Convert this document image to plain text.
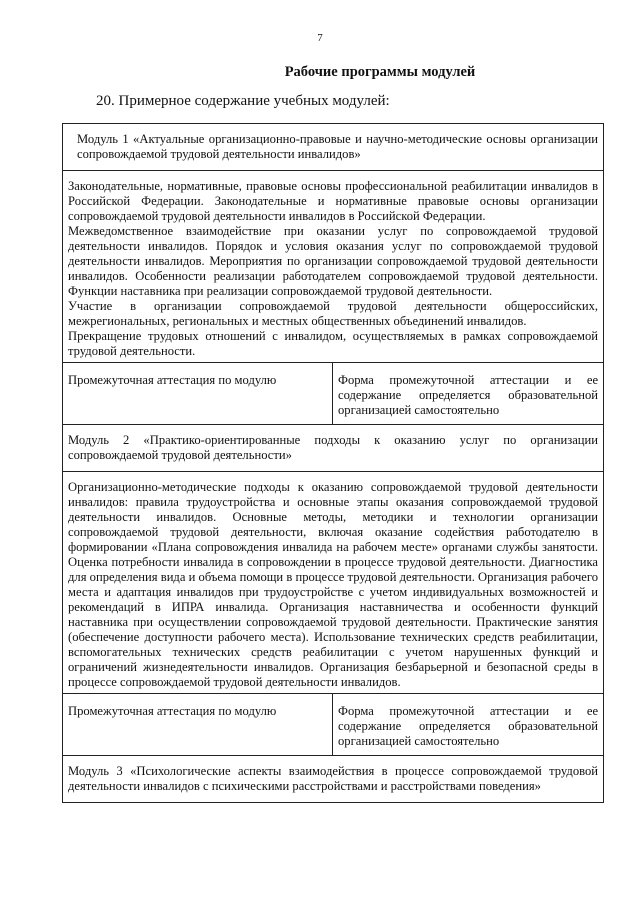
7
Рабочие программы модулей
20. Примерное содержание учебных модулей:
Модуль 1 «Актуальные организационно-правовые и научно-методические основы организации сопровождаемой трудовой деятельности инвалидов»	

Законодательные, нормативные, правовые основы профессиональной реабилитации инвалидов в Российской Федерации. Законодательные и нормативные правовые основы организации сопровождаемой трудовой деятельности инвалидов в Российской Федерации.

Межведомственное взаимодействие при оказании услуг по сопровождаемой трудовой деятельности инвалидов. Порядок и условия оказания услуг по сопровождаемой трудовой деятельности инвалидов. Мероприятия по организации сопровождаемой трудовой деятельности инвалидов. Особенности реализации работодателем сопровождаемой трудовой деятельности. Функции наставника при реализации сопровождаемой трудовой деятельности.

Участие в организации сопровождаемой трудовой деятельности общероссийских, межрегиональных, региональных и местных общественных объединений инвалидов.

Прекращение трудовых отношений с инвалидом, осуществляемых в рамках сопровождаемой трудовой деятельности.	

Промежуточная аттестация по модулю	Форма промежуточной аттестации и ее содержание определяется образовательной организацией самостоятельно
Модуль 2 «Практико-ориентированные подходы к оказанию услуг по организации сопровождаемой трудовой деятельности»	

Организационно-методические подходы к оказанию сопровождаемой трудовой деятельности инвалидов: правила трудоустройства и основные этапы оказания сопровождаемой трудовой деятельности инвалидов. Основные методы, методики и технологии организации сопровождаемой трудовой деятельности, включая оказание содействия работодателю в формировании «Плана сопровождения инвалида на рабочем месте» органами службы занятости. Оценка потребности инвалида в сопровождении в процессе трудовой деятельности. Диагностика для определения вида и объема помощи в процессе трудовой деятельности. Организация рабочего места и адаптация инвалидов при трудоустройстве с учетом индивидуальных возможностей и рекомендаций в ИПРА инвалида. Организация наставничества и особенности функций наставника при осуществлении сопровождаемой трудовой деятельности. Практические занятия (обеспечение доступности рабочего места). Использование технических средств реабилитации, вспомогательных технических средств реабилитации с учетом нарушенных функций и ограничений жизнедеятельности инвалидов. Организация безбарьерной и безопасной среды в процессе сопровождаемой трудовой деятельности инвалидов.	

Промежуточная аттестация по модулю	Форма промежуточной аттестации и ее содержание определяется образовательной организацией самостоятельно
Модуль 3 «Психологические аспекты взаимодействия в процессе сопровождаемой трудовой деятельности инвалидов с психическими расстройствами и расстройствами поведения»	
